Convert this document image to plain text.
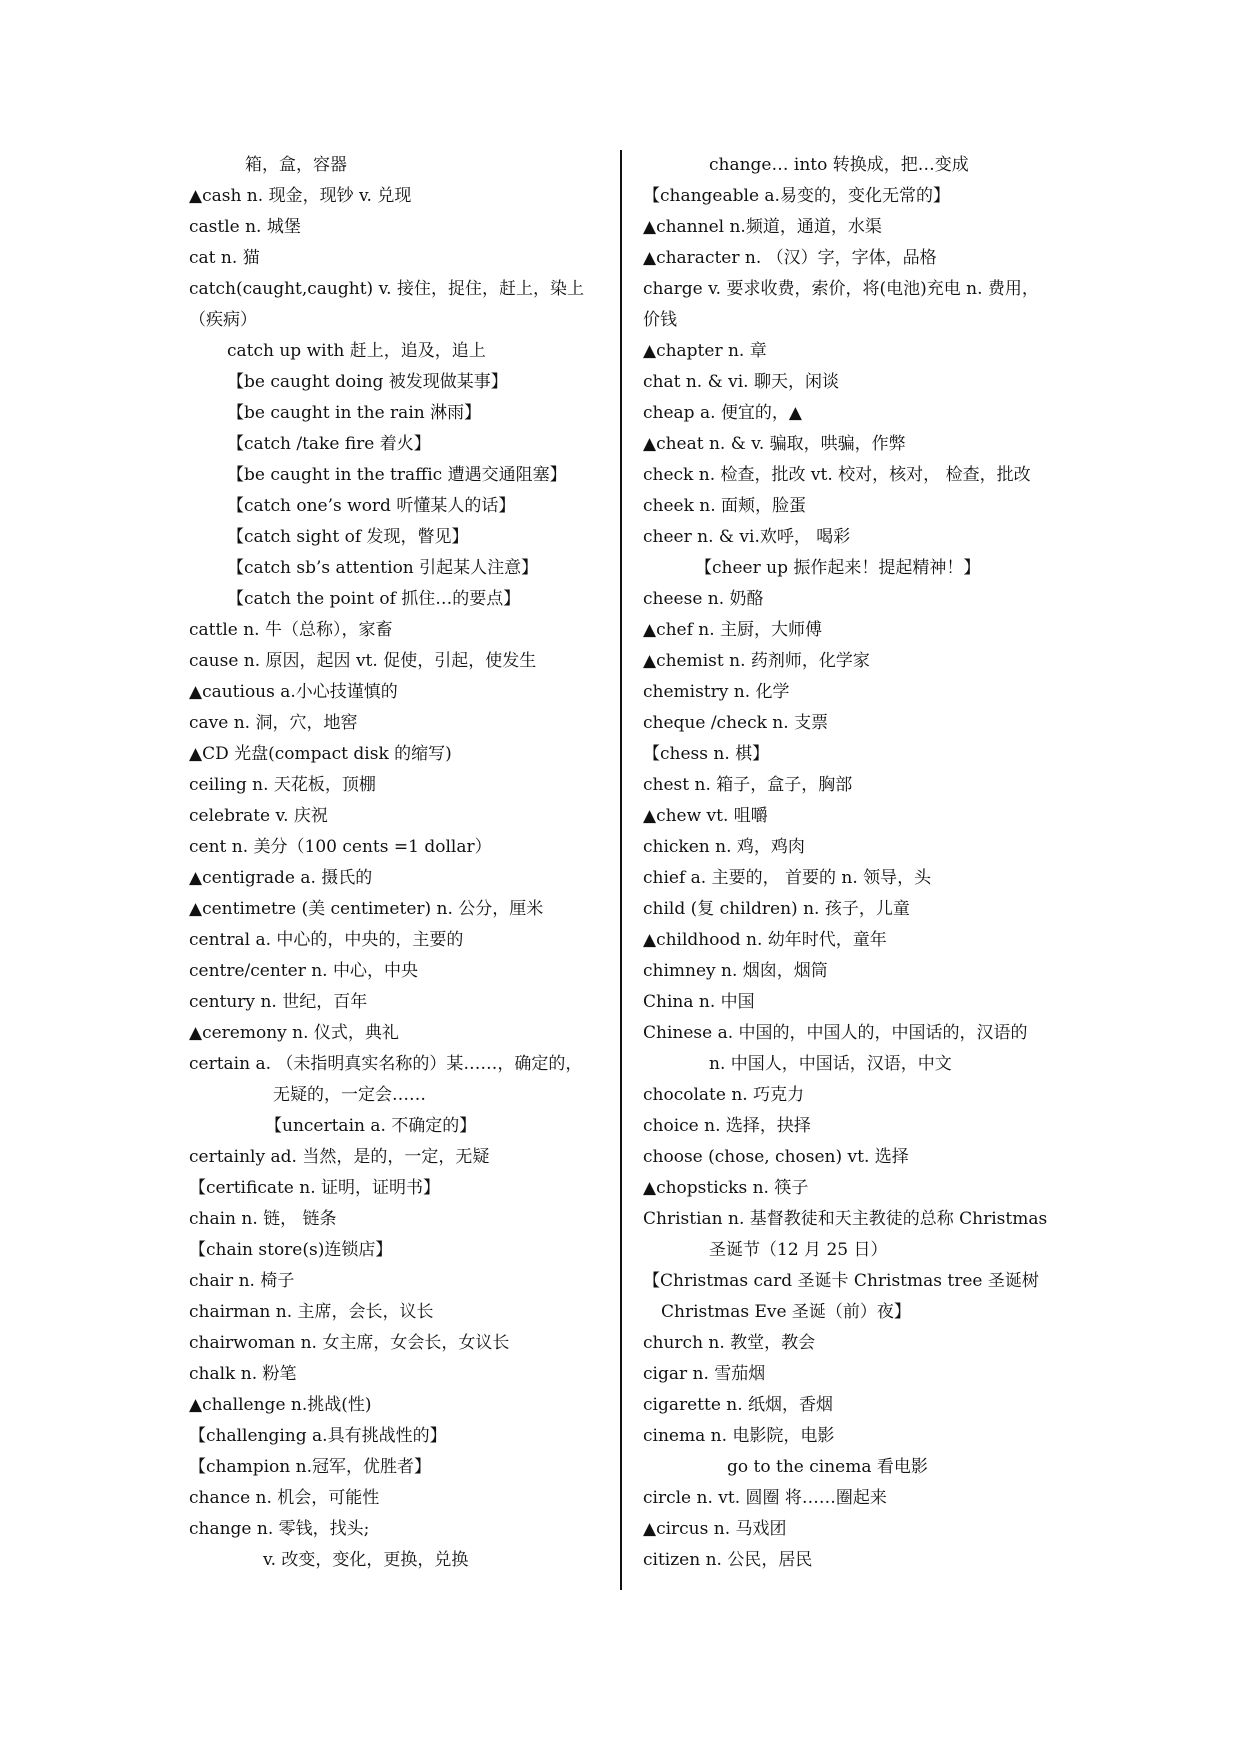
箱，盒，容器
▲cash n. 现金，现钞 v. 兑现
castle n. 城堡
cat n. 猫
catch(caught,caught) v. 接住，捉住，赶上，染上
（疾病）
catch up with 赶上，追及，追上
【be caught doing 被发现做某事】
【be caught in the rain 淋雨】
【catch /take fire 着火】
【be caught in the traffic 遭遇交通阻塞】
【catch one’s word 听懂某人的话】
【catch sight of 发现，瞥见】
【catch sb’s attention 引起某人注意】
【catch the point of 抓住…的要点】
cattle n. 牛（总称），家畜
cause n. 原因，起因 vt. 促使，引起，使发生
▲cautious a.小心技谨慎的
cave n. 洞，穴，地窖
▲CD 光盘(compact disk 的缩写)
ceiling n. 天花板，顶棚
celebrate v. 庆祝
cent n. 美分（100 cents =1 dollar）
▲centigrade a. 摄氏的
▲centimetre (美 centimeter) n. 公分，厘米
central a. 中心的，中央的，主要的
centre/center n. 中心，中央
century n. 世纪，百年
▲ceremony n. 仪式，典礼
certain a. （未指明真实名称的）某……，确定的，
无疑的，一定会……
【uncertain a. 不确定的】
certainly ad. 当然，是的，一定，无疑
【certificate n. 证明，证明书】
chain n. 链， 链条
【chain store(s)连锁店】
chair n. 椅子
chairman n. 主席，会长，议长
chairwoman n. 女主席，女会长，女议长
chalk n. 粉笔
▲challenge n.挑战(性)
【challenging a.具有挑战性的】
【champion n.冠军，优胜者】
chance n. 机会，可能性
change n. 零钱，找头;
v. 改变，变化，更换，兑换
change… into 转换成，把…变成
【changeable a.易变的，变化无常的】
▲channel n.频道，通道，水渠
▲character n. （汉）字，字体，品格
charge v. 要求收费，索价，将(电池)充电 n. 费用，
价钱
▲chapter n. 章
chat n. & vi. 聊天，闲谈
cheap a. 便宜的，▲
▲cheat n. & v. 骗取，哄骗，作弊
check n. 检查，批改 vt. 校对，核对， 检查，批改
cheek n. 面颊，脸蛋
cheer n. & vi.欢呼， 喝彩
【cheer up 振作起来！提起精神！】
cheese n. 奶酪
▲chef n. 主厨，大师傅
▲chemist n. 药剂师，化学家
chemistry n. 化学
cheque /check n. 支票
【chess n. 棋】
chest n. 箱子，盒子，胸部
▲chew vt. 咀嚼
chicken n. 鸡，鸡肉
chief a. 主要的， 首要的 n. 领导，头
child (复 children) n. 孩子，儿童
▲childhood n. 幼年时代，童年
chimney n. 烟囱，烟筒
China n. 中国
Chinese a. 中国的，中国人的，中国话的，汉语的
n. 中国人，中国话，汉语，中文
chocolate n. 巧克力
choice n. 选择，抉择
choose (chose, chosen) vt. 选择
▲chopsticks n. 筷子
Christian n. 基督教徒和天主教徒的总称 Christmas
圣诞节（12 月 25 日）
【Christmas card 圣诞卡 Christmas tree 圣诞树
Christmas Eve 圣诞（前）夜】
church n. 教堂，教会
cigar n. 雪茄烟
cigarette n. 纸烟，香烟
cinema n. 电影院，电影
go to the cinema 看电影
circle n. vt. 圆圈 将……圈起来
▲circus n. 马戏团
citizen n. 公民，居民
